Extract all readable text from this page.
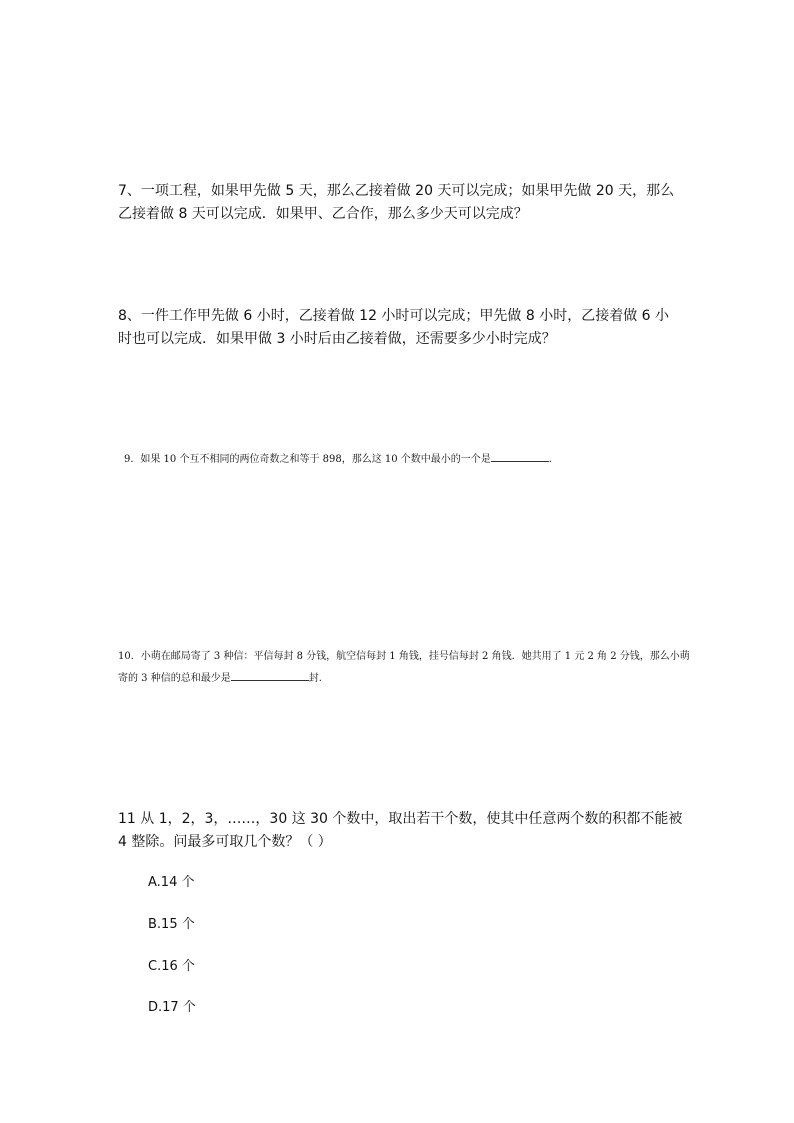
7、一项工程，如果甲先做 5 天，那么乙接着做 20 天可以完成；如果甲先做 20 天，那么乙接着做 8 天可以完成．如果甲、乙合作，那么多少天可以完成？

8、一件工作甲先做 6 小时，乙接着做 12 小时可以完成；甲先做 8 小时，乙接着做 6 小时也可以完成．如果甲做 3 小时后由乙接着做，还需要多少小时完成？

9．如果 10 个互不相同的两位奇数之和等于 898，那么这 10 个数中最小的一个是	.

10．小萌在邮局寄了 3 种信：平信每封 8 分钱，航空信每封 1 角钱，挂号信每封 2 角钱．她共用了 1 元 2 角 2 分钱，那么小萌寄的 3 种信的总和最少是	封.

11 从 1，2，3，……，30 这 30 个数中，取出若干个数，使其中任意两个数的积都不能被 4 整除。问最多可取几个数？（ ）

A.14 个

B.15 个

C.16 个

D.17 个
